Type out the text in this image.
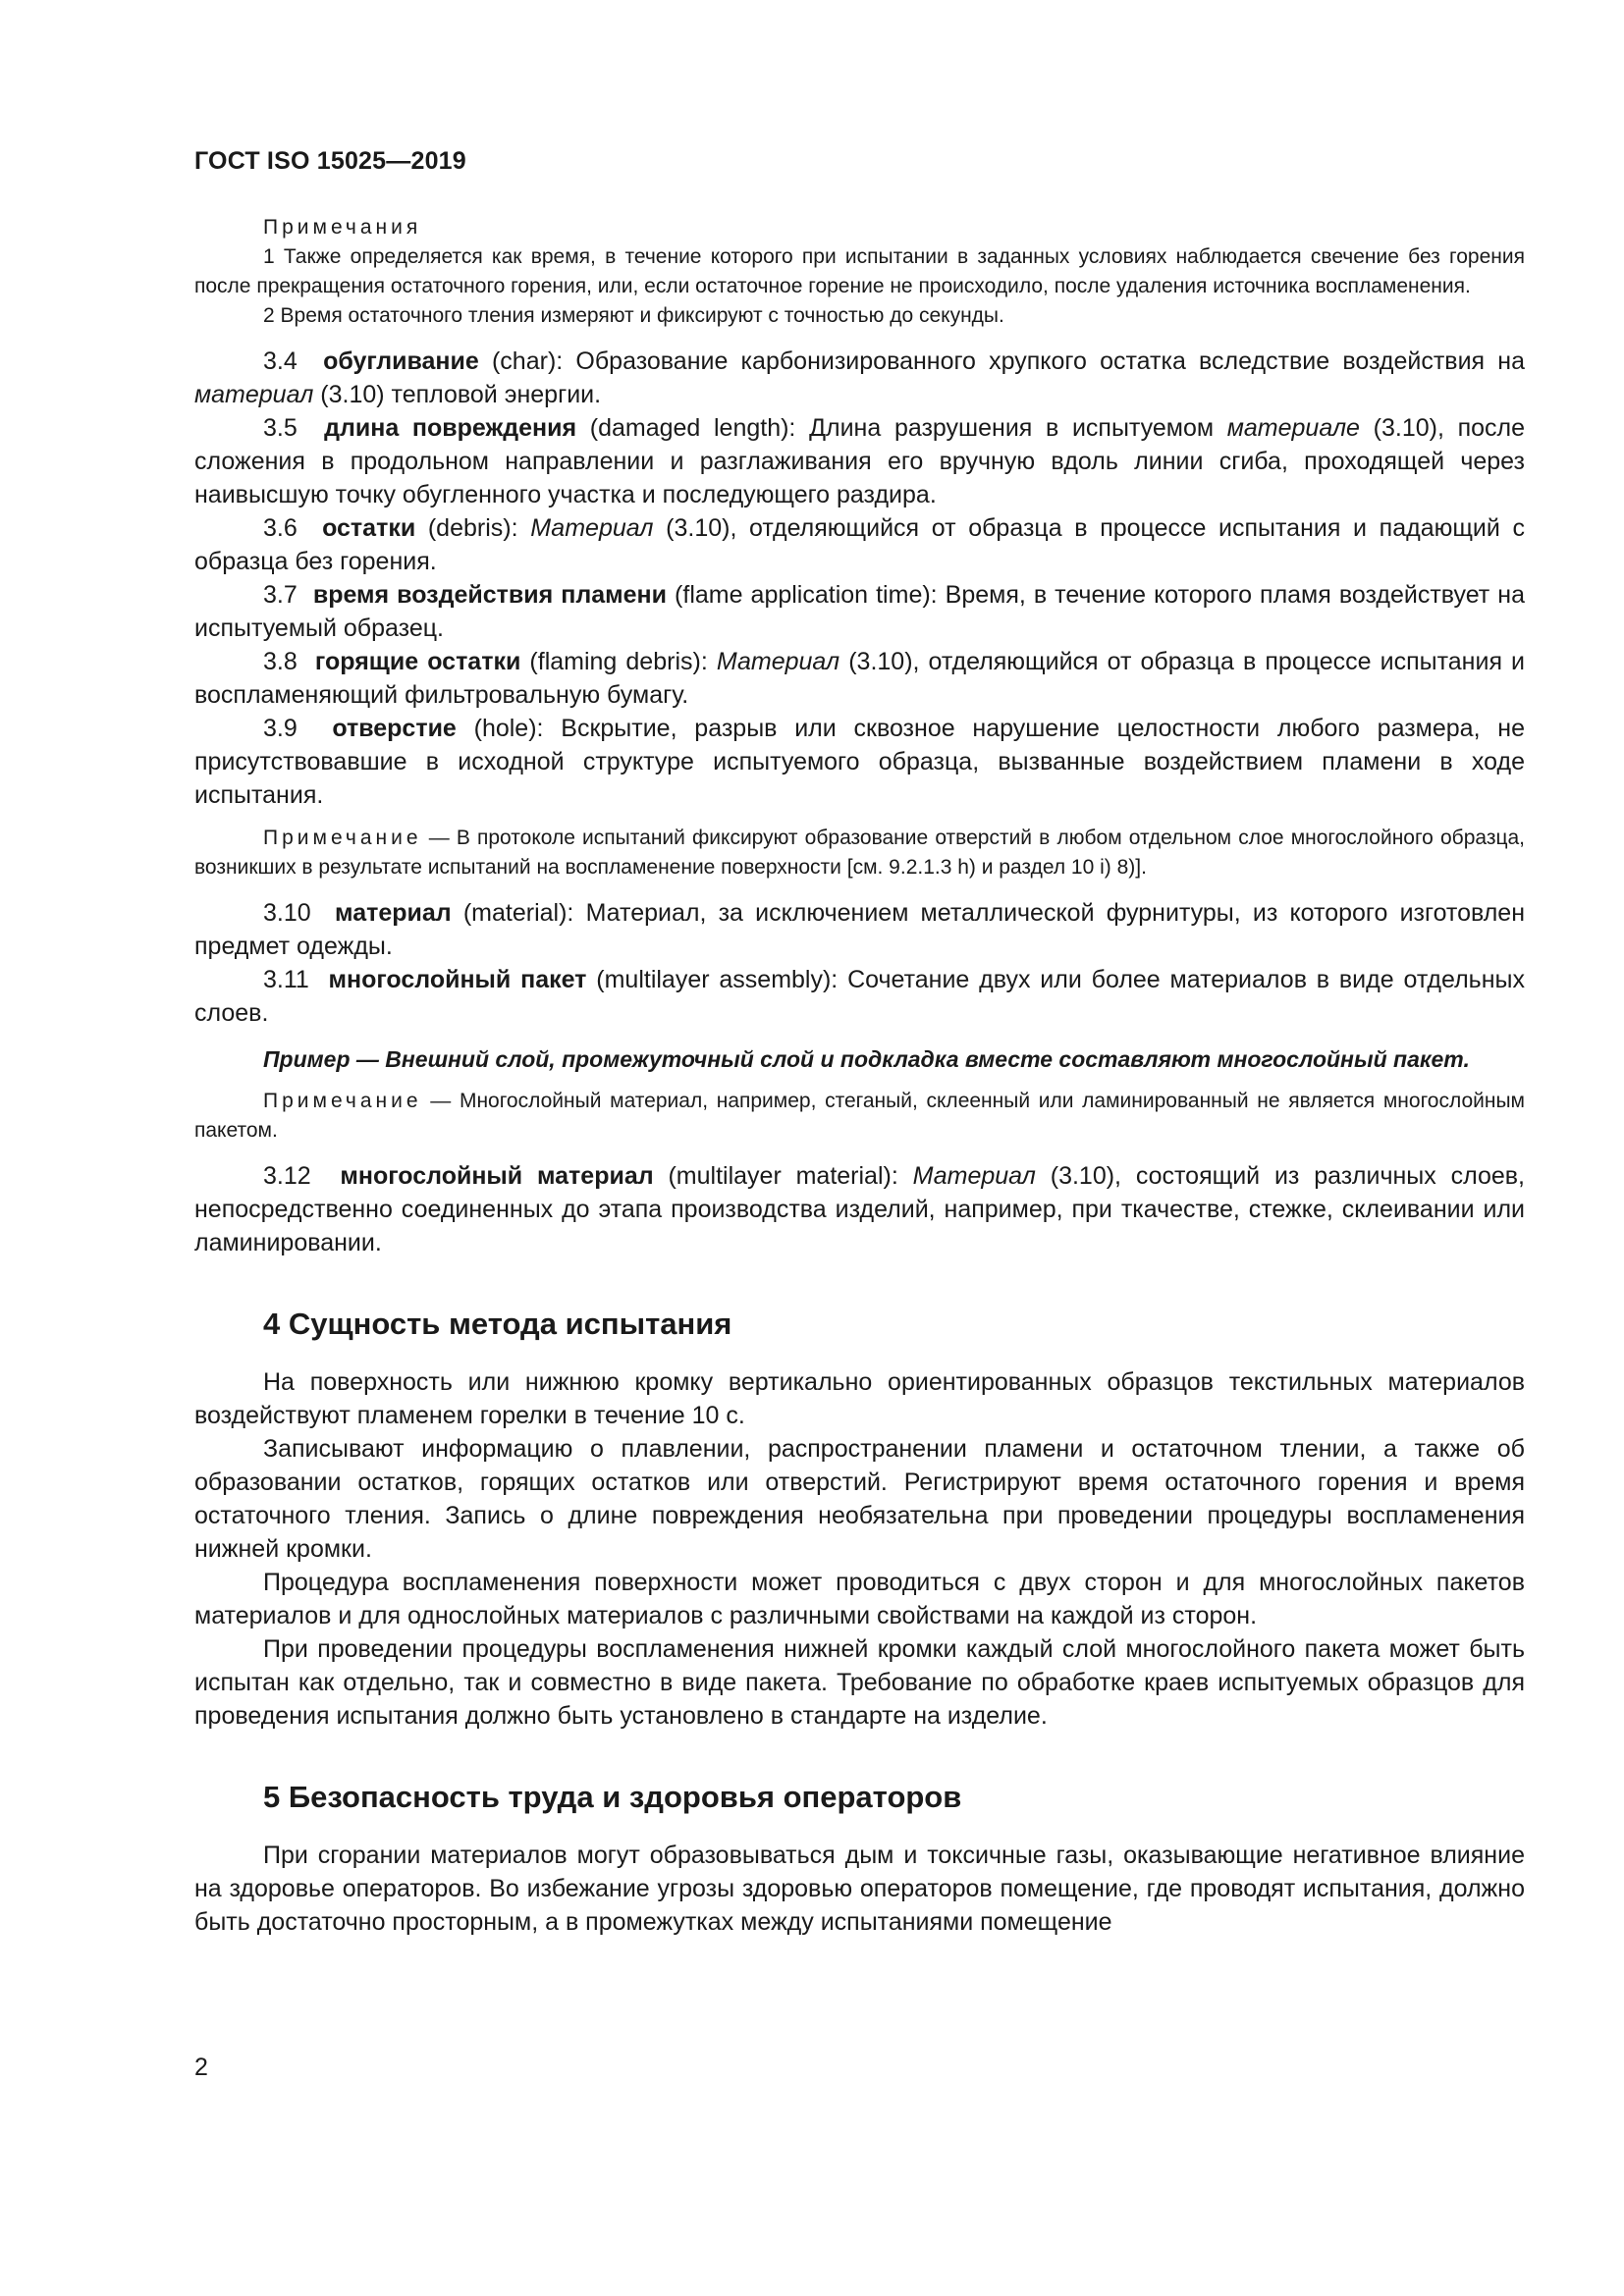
ГОСТ ISO 15025—2019
Примечания
1 Также определяется как время, в течение которого при испытании в заданных условиях наблюдается свечение без горения после прекращения остаточного горения, или, если остаточное горение не происходило, после удаления источника воспламенения.
2 Время остаточного тления измеряют и фиксируют с точностью до секунды.

3.4 обугливание (char): Образование карбонизированного хрупкого остатка вследствие воздействия на материал (3.10) тепловой энергии.

3.5 длина повреждения (damaged length): Длина разрушения в испытуемом материале (3.10), после сложения в продольном направлении и разглаживания его вручную вдоль линии сгиба, проходящей через наивысшую точку обугленного участка и последующего раздира.

3.6 остатки (debris): Материал (3.10), отделяющийся от образца в процессе испытания и падающий с образца без горения.

3.7 время воздействия пламени (flame application time): Время, в течение которого пламя воздействует на испытуемый образец.

3.8 горящие остатки (flaming debris): Материал (3.10), отделяющийся от образца в процессе испытания и воспламеняющий фильтровальную бумагу.

3.9 отверстие (hole): Вскрытие, разрыв или сквозное нарушение целостности любого размера, не присутствовавшие в исходной структуре испытуемого образца, вызванные воздействием пламени в ходе испытания.

Примечание — В протоколе испытаний фиксируют образование отверстий в любом отдельном слое многослойного образца, возникших в результате испытаний на воспламенение поверхности [см. 9.2.1.3 h) и раздел 10 i) 8)].

3.10 материал (material): Материал, за исключением металлической фурнитуры, из которого изготовлен предмет одежды.

3.11 многослойный пакет (multilayer assembly): Сочетание двух или более материалов в виде отдельных слоев.

Пример — Внешний слой, промежуточный слой и подкладка вместе составляют многослойный пакет.

Примечание — Многослойный материал, например, стеганый, склеенный или ламинированный не является многослойным пакетом.

3.12 многослойный материал (multilayer material): Материал (3.10), состоящий из различных слоев, непосредственно соединенных до этапа производства изделий, например, при ткачестве, стежке, склеивании или ламинировании.

4 Сущность метода испытания

На поверхность или нижнюю кромку вертикально ориентированных образцов текстильных материалов воздействуют пламенем горелки в течение 10 с.

Записывают информацию о плавлении, распространении пламени и остаточном тлении, а также об образовании остатков, горящих остатков или отверстий. Регистрируют время остаточного горения и время остаточного тления. Запись о длине повреждения необязательна при проведении процедуры воспламенения нижней кромки.

Процедура воспламенения поверхности может проводиться с двух сторон и для многослойных пакетов материалов и для однослойных материалов с различными свойствами на каждой из сторон.

При проведении процедуры воспламенения нижней кромки каждый слой многослойного пакета может быть испытан как отдельно, так и совместно в виде пакета. Требование по обработке краев испытуемых образцов для проведения испытания должно быть установлено в стандарте на изделие.

5 Безопасность труда и здоровья операторов

При сгорании материалов могут образовываться дым и токсичные газы, оказывающие негативное влияние на здоровье операторов. Во избежание угрозы здоровью операторов помещение, где проводят испытания, должно быть достаточно просторным, а в промежутках между испытаниями помещение

2
